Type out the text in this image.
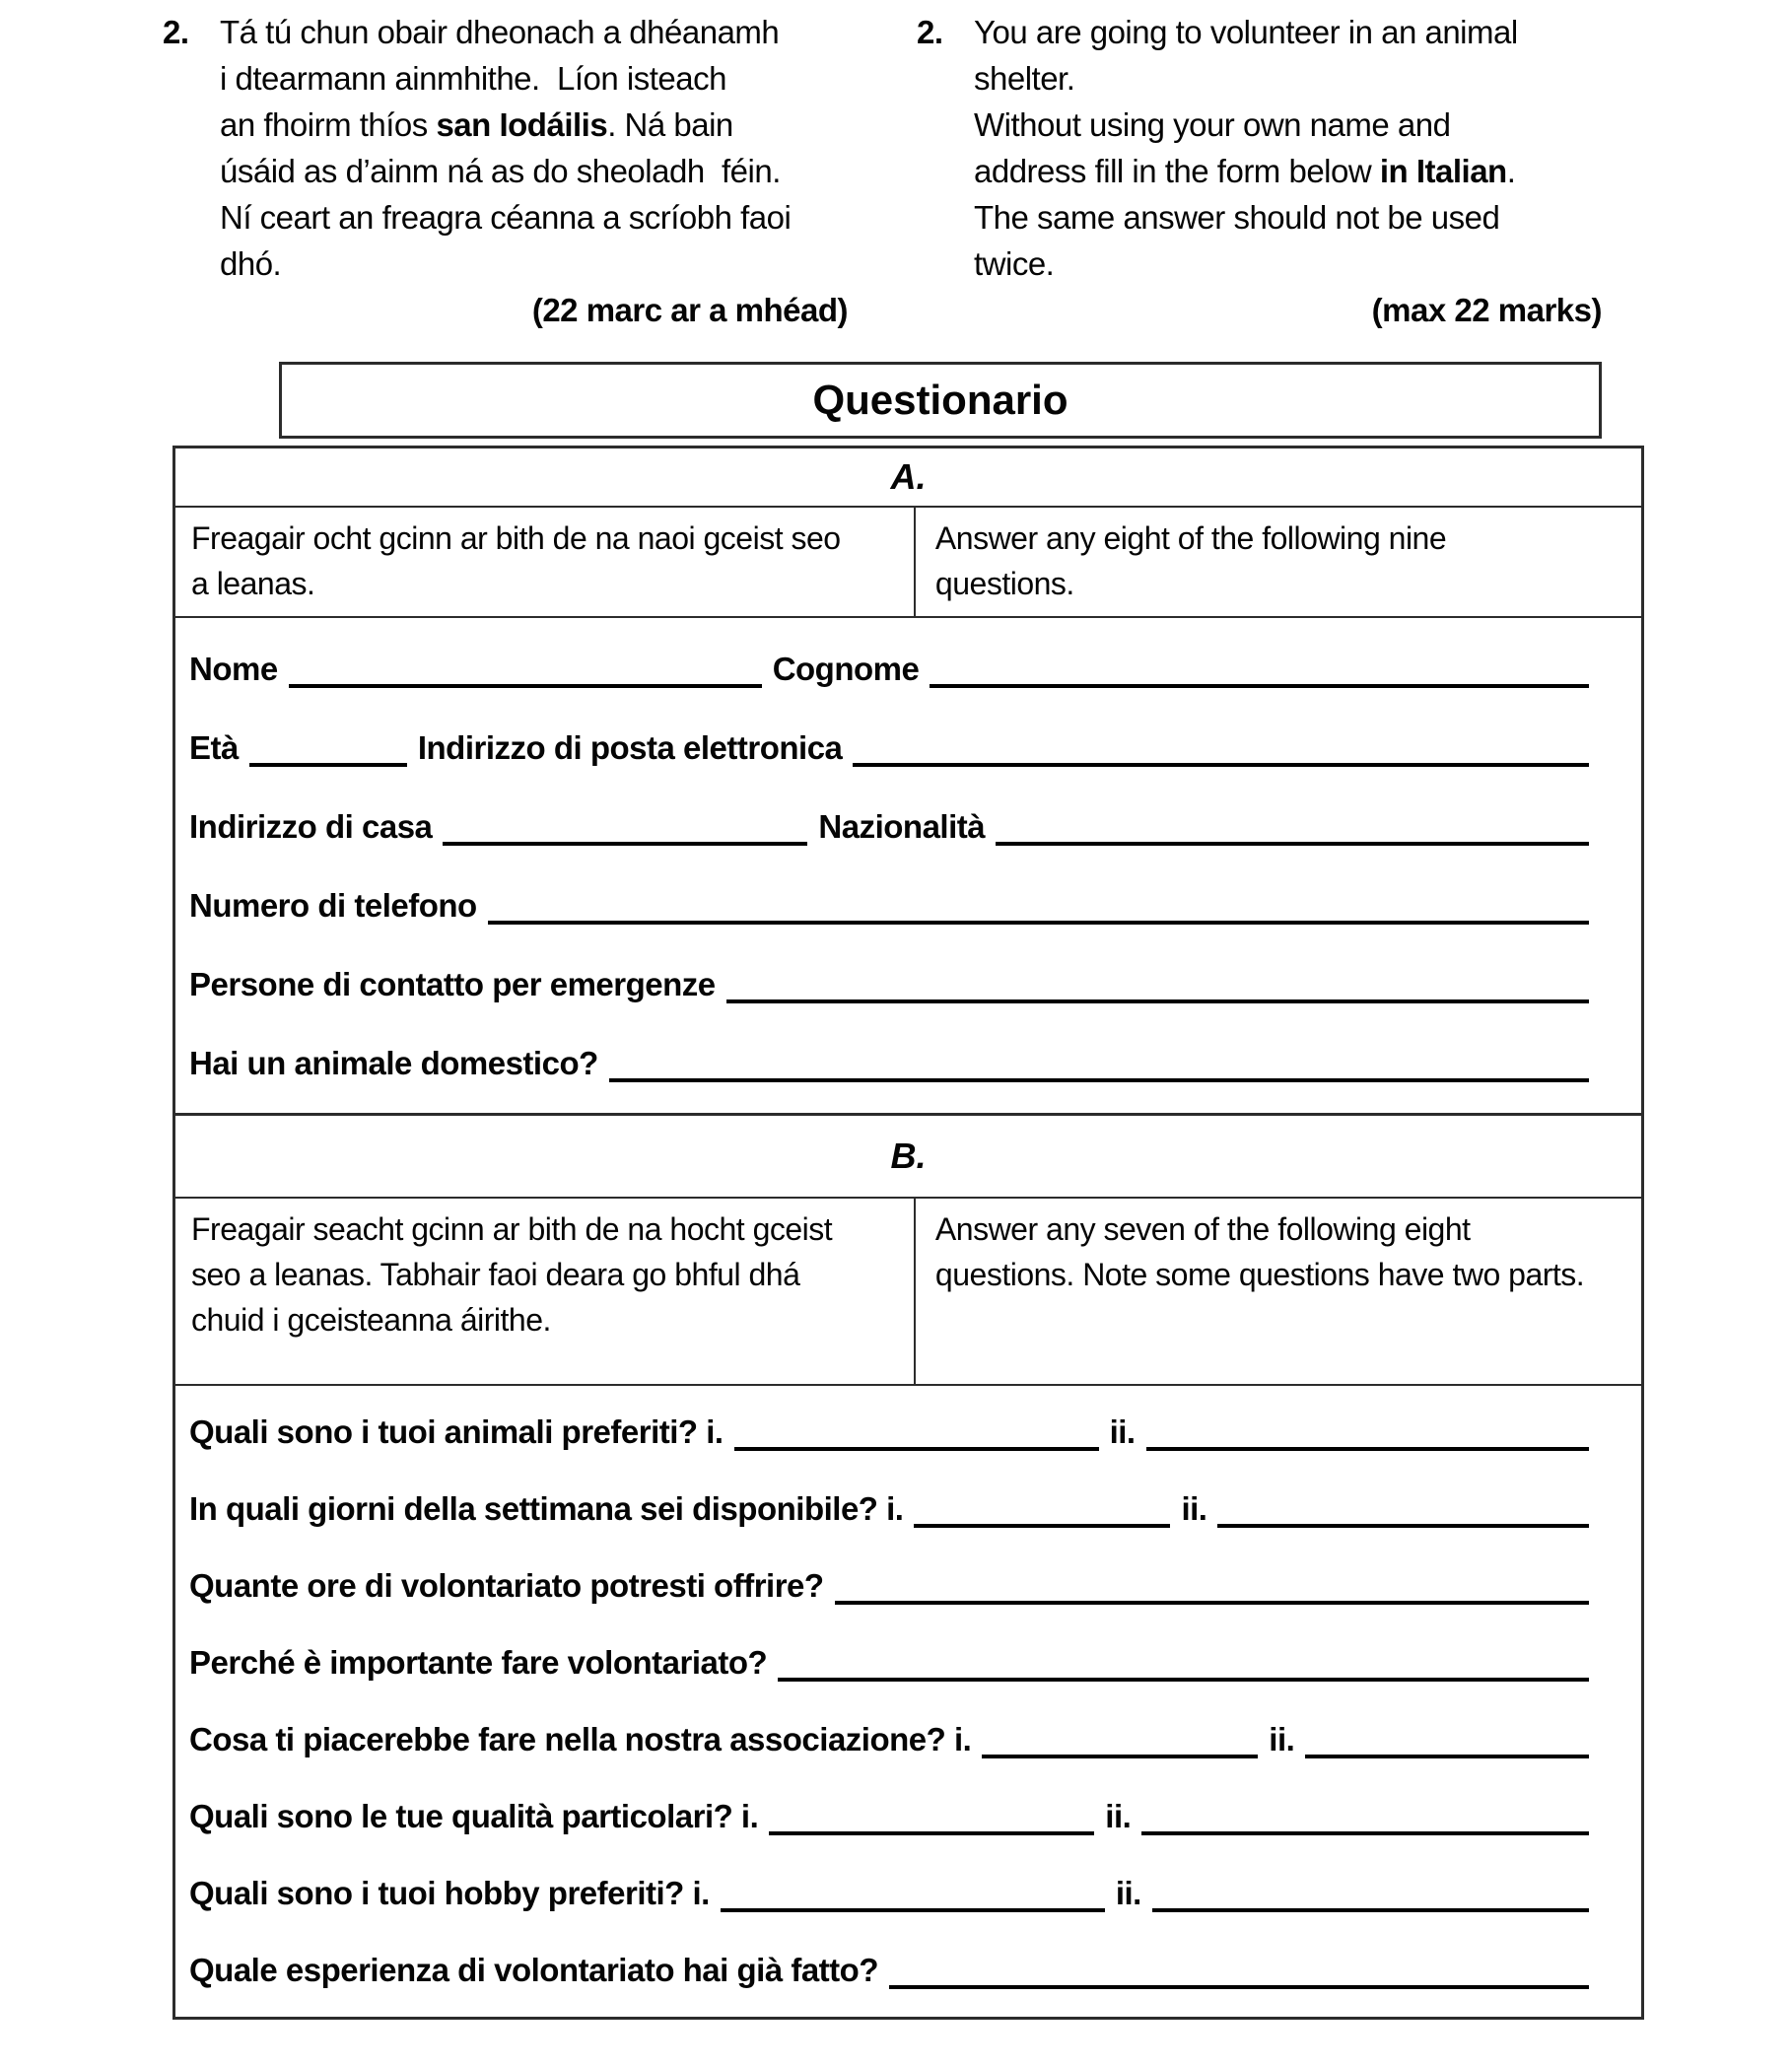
2. Tá tú chun obair dheonach a dhéanamh
i dtearmann ainmhithe.  Líon isteach
an fhoirm thíos san Iodáilis. Ná bain
úsáid as d’ainm ná as do sheoladh  féin.
Ní ceart an freagra céanna a scríobh faoi
dhó.
(22 marc ar a mhéad)
2. You are going to volunteer in an animal
shelter.
Without using your own name and
address fill in the form below in Italian.
The same answer should not be used
twice.
(max 22 marks)
Questionario
A.
Freagair ocht gcinn ar bith de na naoi gceist seo
a leanas.
Answer any eight of the following nine
questions.
Nome	Cognome
Età	Indirizzo di posta elettronica
Indirizzo di casa	Nazionalità
Numero di telefono
Persone di contatto per emergenze
Hai un animale domestico?
B.
Freagair seacht gcinn ar bith de na hocht gceist
seo a leanas. Tabhair faoi deara go bhful dhá
chuid i gceisteanna áirithe.
Answer any seven of the following eight
questions. Note some questions have two parts.
Quali sono i tuoi animali preferiti? i.	ii.
In quali giorni della settimana sei disponibile? i.	ii.
Quante ore di volontariato potresti offrire?
Perché è importante fare volontariato?
Cosa ti piacerebbe fare nella nostra associazione? i.	ii.
Quali sono le tue qualità particolari? i.	ii.
Quali sono i tuoi hobby preferiti? i.	ii.
Quale esperienza di volontariato hai già fatto?
